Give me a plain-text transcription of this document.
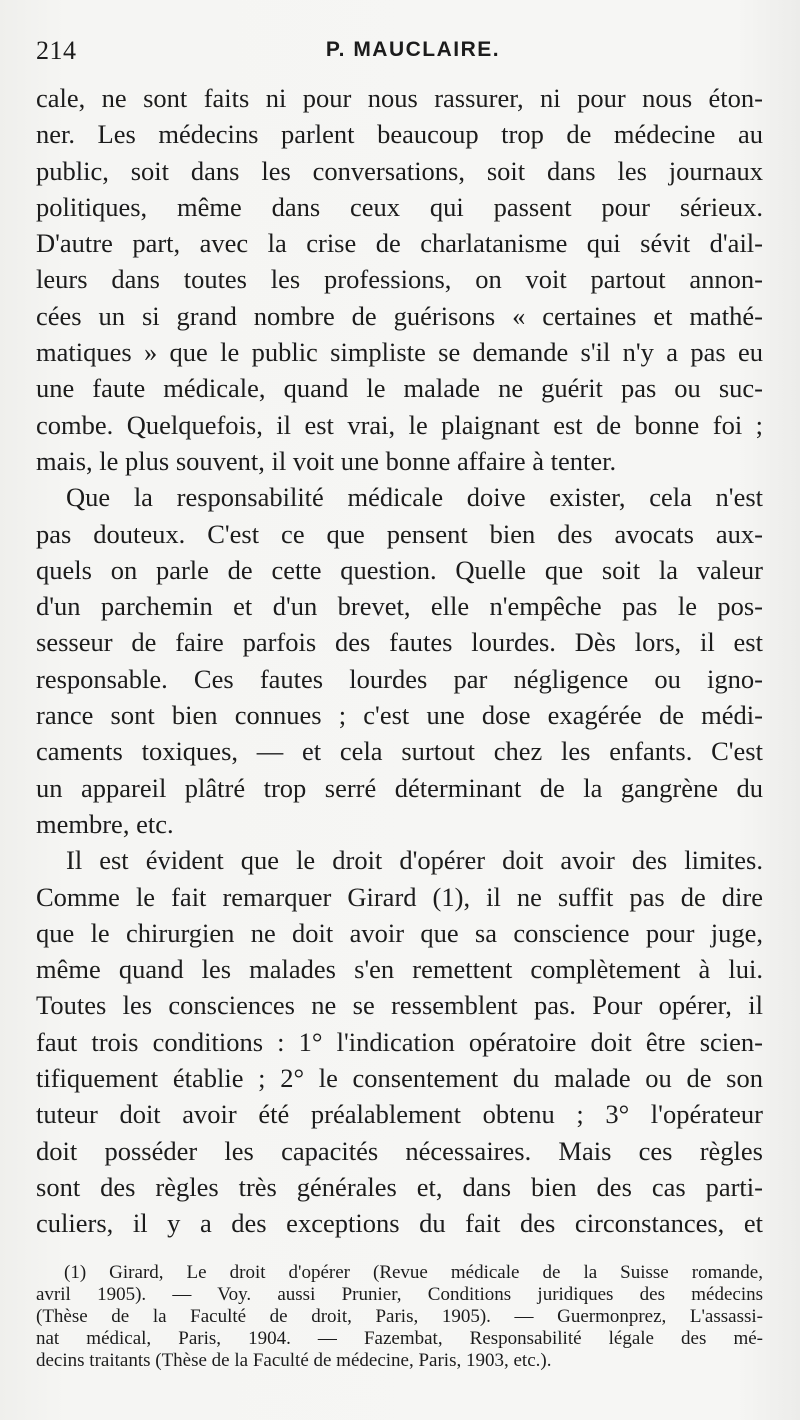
214	P. MAUCLAIRE.
cale, ne sont faits ni pour nous rassurer, ni pour nous éton-
ner. Les médecins parlent beaucoup trop de médecine au
public, soit dans les conversations, soit dans les journaux
politiques, même dans ceux qui passent pour sérieux.
D'autre part, avec la crise de charlatanisme qui sévit d'ail-
leurs dans toutes les professions, on voit partout annon-
cées un si grand nombre de guérisons « certaines et mathé-
matiques » que le public simpliste se demande s'il n'y a pas eu
une faute médicale, quand le malade ne guérit pas ou suc-
combe. Quelquefois, il est vrai, le plaignant est de bonne foi ;
mais, le plus souvent, il voit une bonne affaire à tenter.
Que la responsabilité médicale doive exister, cela n'est
pas douteux. C'est ce que pensent bien des avocats aux-
quels on parle de cette question. Quelle que soit la valeur
d'un parchemin et d'un brevet, elle n'empêche pas le pos-
sesseur de faire parfois des fautes lourdes. Dès lors, il est
responsable. Ces fautes lourdes par négligence ou igno-
rance sont bien connues ; c'est une dose exagérée de médi-
caments toxiques, — et cela surtout chez les enfants. C'est
un appareil plâtré trop serré déterminant de la gangrène du
membre, etc.
Il est évident que le droit d'opérer doit avoir des limites.
Comme le fait remarquer Girard (1), il ne suffit pas de dire
que le chirurgien ne doit avoir que sa conscience pour juge,
même quand les malades s'en remettent complètement à lui.
Toutes les consciences ne se ressemblent pas. Pour opérer, il
faut trois conditions : 1° l'indication opératoire doit être scien-
tifiquement établie ; 2° le consentement du malade ou de son
tuteur doit avoir été préalablement obtenu ; 3° l'opérateur
doit posséder les capacités nécessaires. Mais ces règles
sont des règles très générales et, dans bien des cas parti-
culiers, il y a des exceptions du fait des circonstances, et
(1) Girard, Le droit d'opérer (Revue médicale de la Suisse romande,
avril 1905). — Voy. aussi Prunier, Conditions juridiques des médecins
(Thèse de la Faculté de droit, Paris, 1905). — Guermonprez, L'assassi-
nat médical, Paris, 1904. — Fazembat, Responsabilité légale des mé-
decins traitants (Thèse de la Faculté de médecine, Paris, 1903, etc.).
